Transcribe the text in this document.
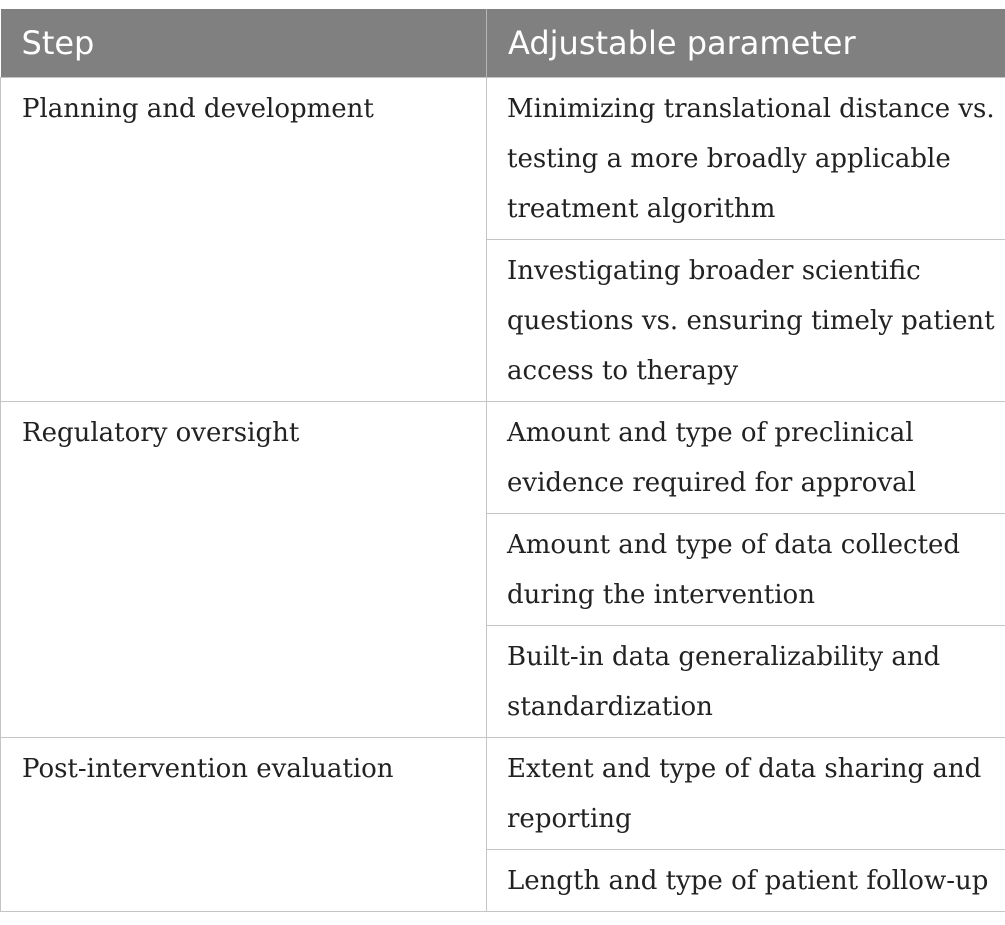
Step	Adjustable parameter
Planning and development	Minimizing translational distance vs. testing a more broadly applicable treatment algorithm
	Investigating broader scientific questions vs. ensuring timely patient access to therapy
Regulatory oversight	Amount and type of preclinical evidence required for approval
	Amount and type of data collected during the intervention
	Built-in data generalizability and standardization
Post-intervention evaluation	Extent and type of data sharing and reporting
	Length and type of patient follow-up
